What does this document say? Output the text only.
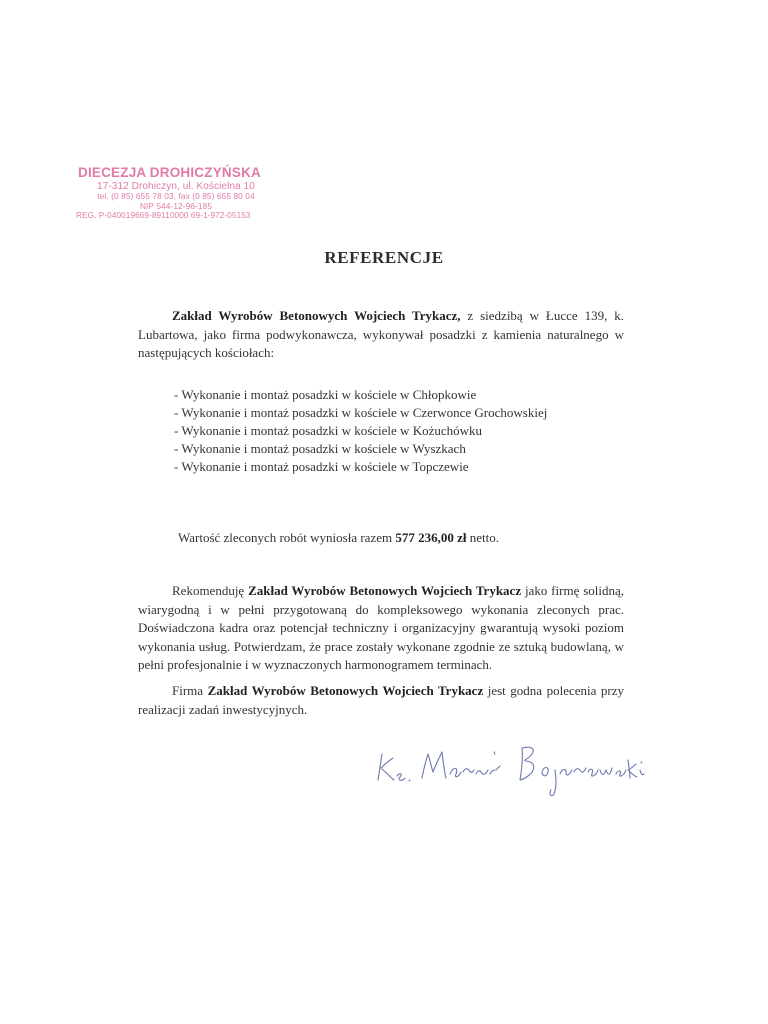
DIECEZJA DROHICZYŃSKA
17-312 Drohiczyn, ul. Kościelna 10
tel. (0 85) 655 78 03, fax (0 85) 655 80 04
NIP 544-12-96-185
REG. P-040019669-89110000 69-1-972-05153
REFERENCJE
Zakład Wyrobów Betonowych Wojciech Trykacz, z siedzibą w Łucce 139, k. Lubartowa, jako firma podwykonawcza, wykonywał posadzki z kamienia naturalnego w następujących kościołach:
- Wykonanie i montaż posadzki w kościele w Chłopkowie
- Wykonanie i montaż posadzki w kościele w Czerwonce Grochowskiej
- Wykonanie i montaż posadzki w kościele w Kożuchówku
- Wykonanie i montaż posadzki w kościele w Wyszkach
- Wykonanie i montaż posadzki w kościele w Topczewie
Wartość zleconych robót wyniosła razem 577 236,00 zł netto.
Rekomenduję Zakład Wyrobów Betonowych Wojciech Trykacz jako firmę solidną, wiarygodną i w pełni przygotowaną do kompleksowego wykonania zleconych prac. Doświadczona kadra oraz potencjał techniczny i organizacyjny gwarantują wysoki poziom wykonania usług. Potwierdzam, że prace zostały wykonane zgodnie ze sztuką budowlaną, w pełni profesjonalnie i w wyznaczonych harmonogramem terminach.
Firma Zakład Wyrobów Betonowych Wojciech Trykacz jest godna polecenia przy realizacji zadań inwestycyjnych.
